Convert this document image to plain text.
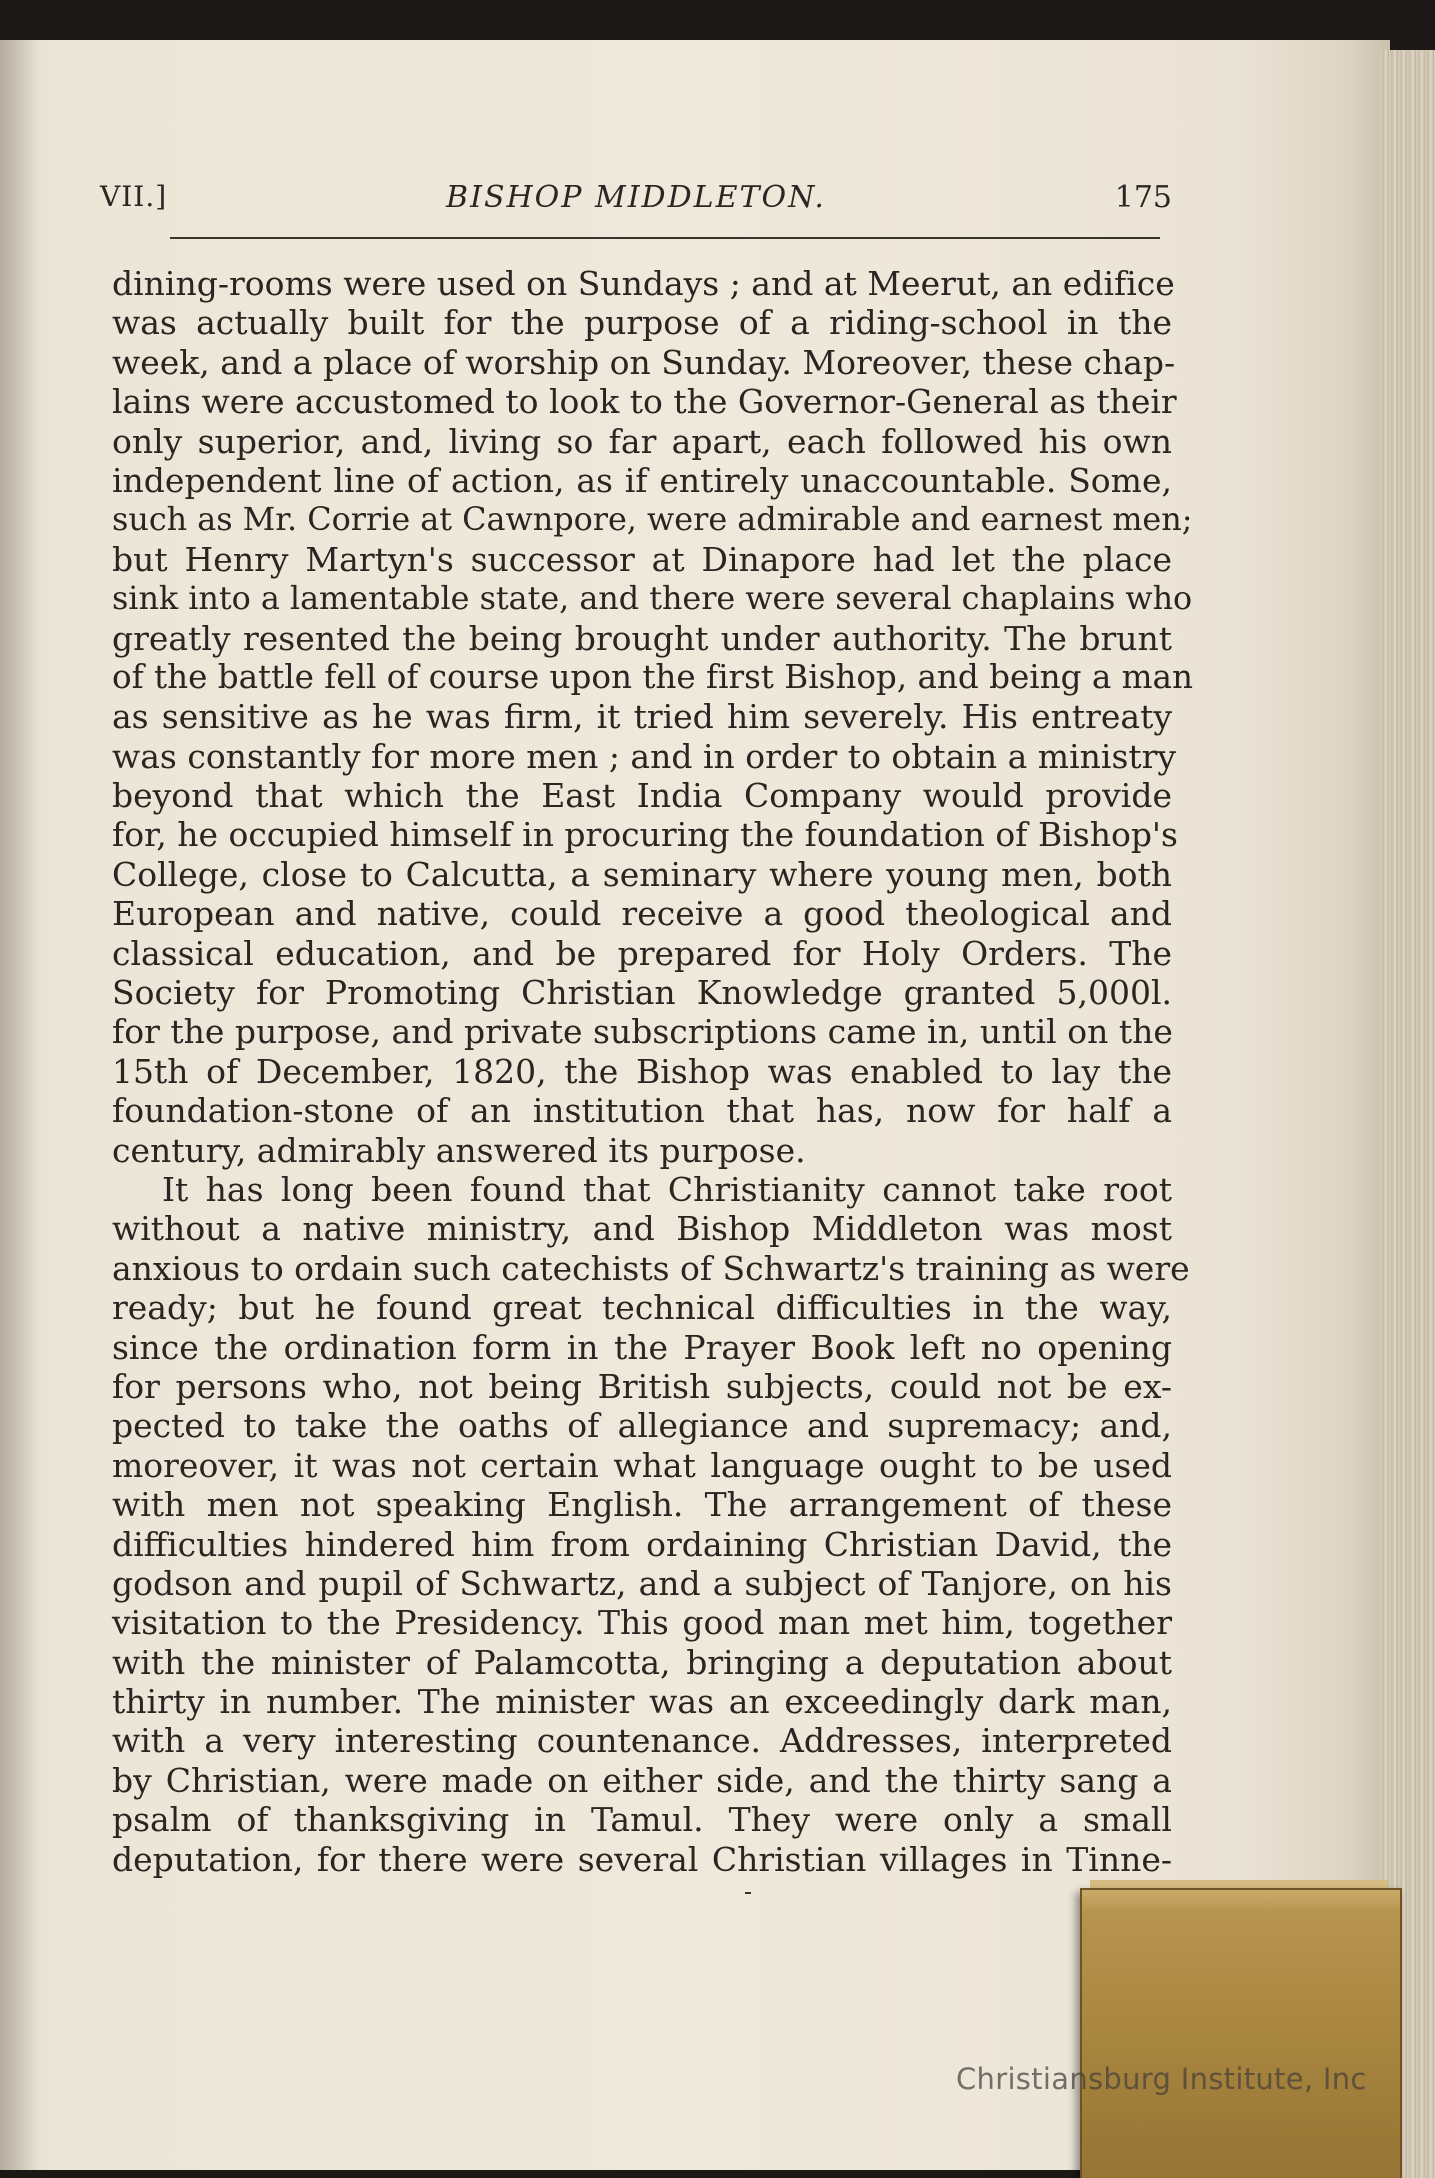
VII.]	BISHOP MIDDLETON.	175
dining-rooms were used on Sundays ; and at Meerut, an edifice
was actually built for the purpose of a riding-school in the
week, and a place of worship on Sunday. Moreover, these chap-
lains were accustomed to look to the Governor-General as their
only superior, and, living so far apart, each followed his own
independent line of action, as if entirely unaccountable. Some,
such as Mr. Corrie at Cawnpore, were admirable and earnest men;
but Henry Martyn's successor at Dinapore had let the place
sink into a lamentable state, and there were several chaplains who
greatly resented the being brought under authority. The brunt
of the battle fell of course upon the first Bishop, and being a man
as sensitive as he was firm, it tried him severely. His entreaty
was constantly for more men ; and in order to obtain a ministry
beyond that which the East India Company would provide
for, he occupied himself in procuring the foundation of Bishop's
College, close to Calcutta, a seminary where young men, both
European and native, could receive a good theological and
classical education, and be prepared for Holy Orders. The
Society for Promoting Christian Knowledge granted 5,000l.
for the purpose, and private subscriptions came in, until on the
15th of December, 1820, the Bishop was enabled to lay the
foundation-stone of an institution that has, now for half a
century, admirably answered its purpose.
It has long been found that Christianity cannot take root
without a native ministry, and Bishop Middleton was most
anxious to ordain such catechists of Schwartz's training as were
ready; but he found great technical difficulties in the way,
since the ordination form in the Prayer Book left no opening
for persons who, not being British subjects, could not be ex-
pected to take the oaths of allegiance and supremacy; and,
moreover, it was not certain what language ought to be used
with men not speaking English. The arrangement of these
difficulties hindered him from ordaining Christian David, the
godson and pupil of Schwartz, and a subject of Tanjore, on his
visitation to the Presidency. This good man met him, together
with the minister of Palamcotta, bringing a deputation about
thirty in number. The minister was an exceedingly dark man,
with a very interesting countenance. Addresses, interpreted
by Christian, were made on either side, and the thirty sang a
psalm of thanksgiving in Tamul. They were only a small
deputation, for there were several Christian villages in Tinne-
Christiansburg Institute, Inc
